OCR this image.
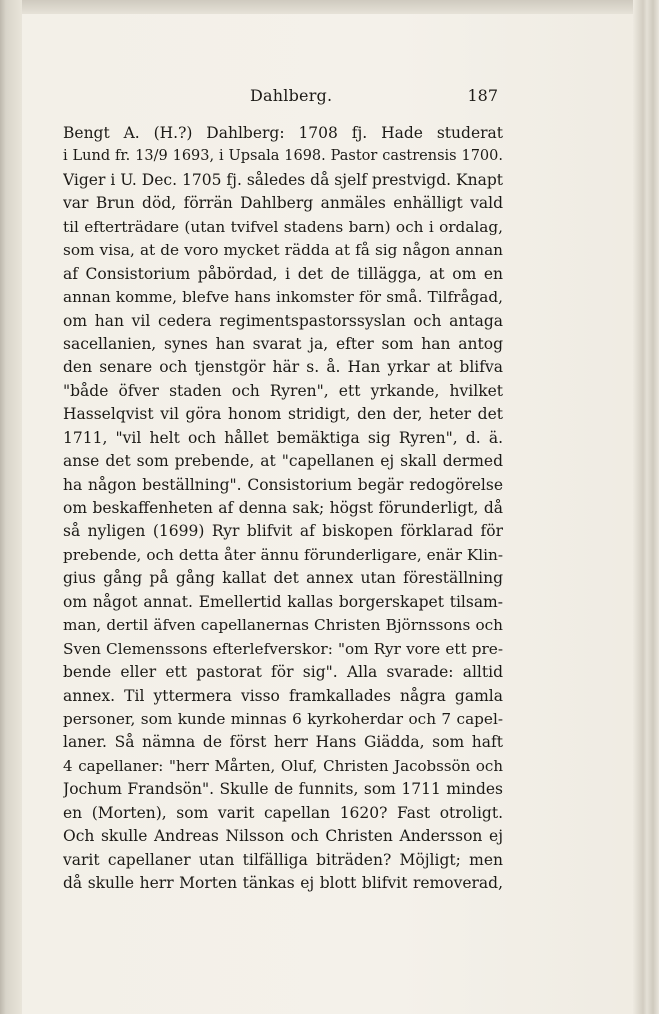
Dahlberg.	187
Bengt A. (H.?) Dahlberg: 1708 fj. Hade studerat
i Lund fr. 13/9 1693, i Upsala 1698. Pastor castrensis 1700.
Viger i U. Dec. 1705 fj. således då sjelf prestvigd. Knapt
var Brun död, förrän Dahlberg anmäles enhälligt vald
til efterträdare (utan tvifvel stadens barn) och i ordalag,
som visa, at de voro mycket rädda at få sig någon annan
af Consistorium påbördad, i det de tillägga, at om en
annan komme, blefve hans inkomster för små. Tilfrågad,
om han vil cedera regimentspastorssyslan och antaga
sacellanien, synes han svarat ja, efter som han antog
den senare och tjenstgör här s. å. Han yrkar at blifva
"både öfver staden och Ryren", ett yrkande, hvilket
Hasselqvist vil göra honom stridigt, den der, heter det
1711, "vil helt och hållet bemäktiga sig Ryren", d. ä.
anse det som prebende, at "capellanen ej skall dermed
ha någon beställning". Consistorium begär redogörelse
om beskaffenheten af denna sak; högst förunderligt, då
så nyligen (1699) Ryr blifvit af biskopen förklarad för
prebende, och detta åter ännu förunderligare, enär Klin-
gius gång på gång kallat det annex utan föreställning
om något annat. Emellertid kallas borgerskapet tilsam-
man, dertil äfven capellanernas Christen Björnssons och
Sven Clemenssons efterlefverskor: "om Ryr vore ett pre-
bende eller ett pastorat för sig". Alla svarade: alltid
annex. Til yttermera visso framkallades några gamla
personer, som kunde minnas 6 kyrkoherdar och 7 capel-
laner. Så nämna de först herr Hans Giädda, som haft
4 capellaner: "herr Mårten, Oluf, Christen Jacobssön och
Jochum Frandsön". Skulle de funnits, som 1711 mindes
en (Morten), som varit capellan 1620? Fast otroligt.
Och skulle Andreas Nilsson och Christen Andersson ej
varit capellaner utan tilfälliga biträden? Möjligt; men
då skulle herr Morten tänkas ej blott blifvit removerad,
